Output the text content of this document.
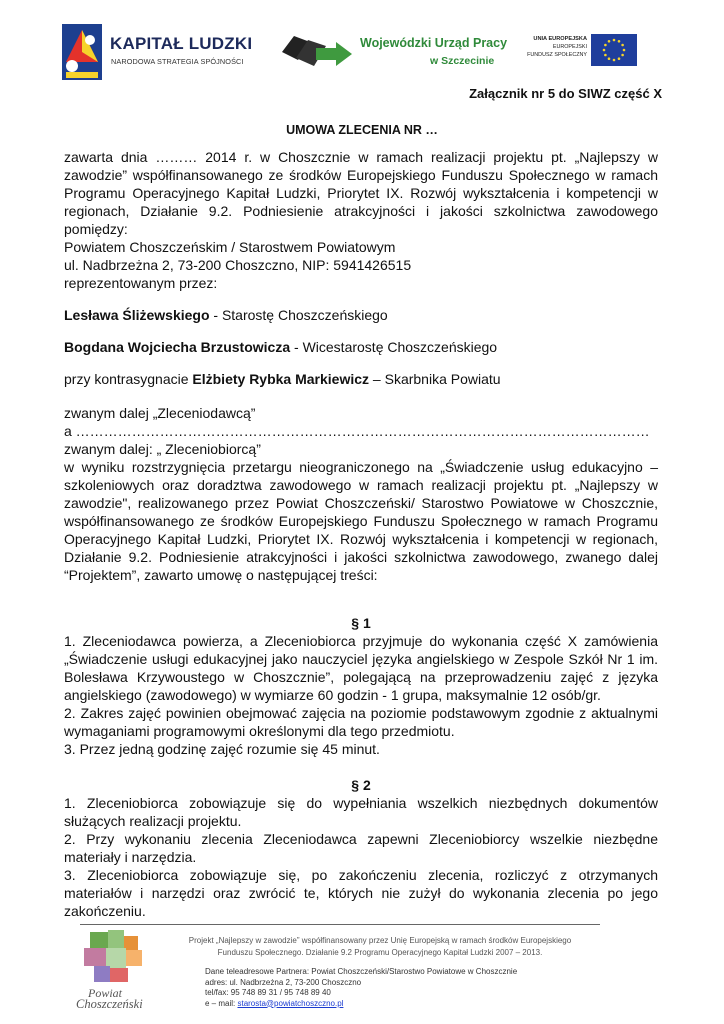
KAPITAŁ LUDZKI
NARODOWA STRATEGIA SPÓJNOŚCI
Wojewódzki Urząd Pracy
w Szczecinie
UNIA EUROPEJSKA
EUROPEJSKI
FUNDUSZ SPOŁECZNY
Załącznik nr 5 do SIWZ część X
UMOWA ZLECENIA NR …

zawarta dnia ……… 2014 r. w Choszcznie w ramach realizacji projektu pt. „Najlepszy w zawodzie” współfinansowanego ze środków Europejskiego Funduszu Społecznego w ramach Programu Operacyjnego Kapitał Ludzki, Priorytet IX. Rozwój wykształcenia i kompetencji w regionach, Działanie 9.2. Podniesienie atrakcyjności i jakości szkolnictwa zawodowego pomiędzy:

Powiatem Choszczeńskim / Starostwem Powiatowym

ul. Nadbrzeżna 2, 73-200 Choszczno, NIP: 5941426515

reprezentowanym przez:

Lesława Śliżewskiego - Starostę Choszczeńskiego

Bogdana Wojciecha Brzustowicza - Wicestarostę Choszczeńskiego

przy kontrasygnacie Elżbiety Rybka Markiewicz – Skarbnika Powiatu

zwanym dalej „Zleceniodawcą”

a ……………………………………………………………………………………………………………

zwanym dalej: „ Zleceniobiorcą”

w wyniku rozstrzygnięcia przetargu nieograniczonego na „Świadczenie usług edukacyjno – szkoleniowych oraz doradztwa zawodowego w ramach realizacji projektu pt. „Najlepszy w zawodzie", realizowanego przez Powiat Choszczeński/ Starostwo Powiatowe w Choszcznie, współfinansowanego ze środków Europejskiego Funduszu Społecznego w ramach Programu Operacyjnego Kapitał Ludzki, Priorytet IX. Rozwój wykształcenia i kompetencji w regionach, Działanie 9.2. Podniesienie atrakcyjności i jakości szkolnictwa zawodowego, zwanego dalej “Projektem”, zawarto umowę o następującej treści:

§ 1

1. Zleceniodawca powierza, a Zleceniobiorca przyjmuje do wykonania część X zamówienia „Świadczenie usługi edukacyjnej jako nauczyciel języka angielskiego w Zespole Szkół Nr 1 im. Bolesława Krzywoustego w Choszcznie”, polegającą na przeprowadzeniu zajęć z języka angielskiego (zawodowego) w wymiarze 60 godzin - 1 grupa, maksymalnie 12 osób/gr.

2. Zakres zajęć powinien obejmować zajęcia na poziomie podstawowym zgodnie z aktualnymi wymaganiami programowymi określonymi dla tego przedmiotu.

3. Przez jedną godzinę zajęć rozumie się 45 minut.

§ 2

1. Zleceniobiorca zobowiązuje się do wypełniania wszelkich niezbędnych dokumentów służących realizacji projektu.

2. Przy wykonaniu zlecenia Zleceniodawca zapewni Zleceniobiorcy wszelkie niezbędne materiały i narzędzia.

3. Zleceniobiorca zobowiązuje się, po zakończeniu zlecenia, rozliczyć z otrzymanych materiałów i narzędzi oraz zwrócić te, których nie zużył do wykonania zlecenia po jego zakończeniu.

Powiat
Choszczeński
Projekt „Najlepszy w zawodzie” współfinansowany przez Unię Europejską w ramach środków Europejskiego
Funduszu Społecznego. Działanie 9.2 Programu Operacyjnego Kapitał Ludzki 2007 – 2013.
Dane teleadresowe Partnera: Powiat Choszczeński/Starostwo Powiatowe w Choszcznie
adres: ul. Nadbrzeżna 2, 73-200 Choszczno
tel/fax: 95 748 89 31 / 95 748 89 40
e – mail: starosta@powiatchoszczno.pl
